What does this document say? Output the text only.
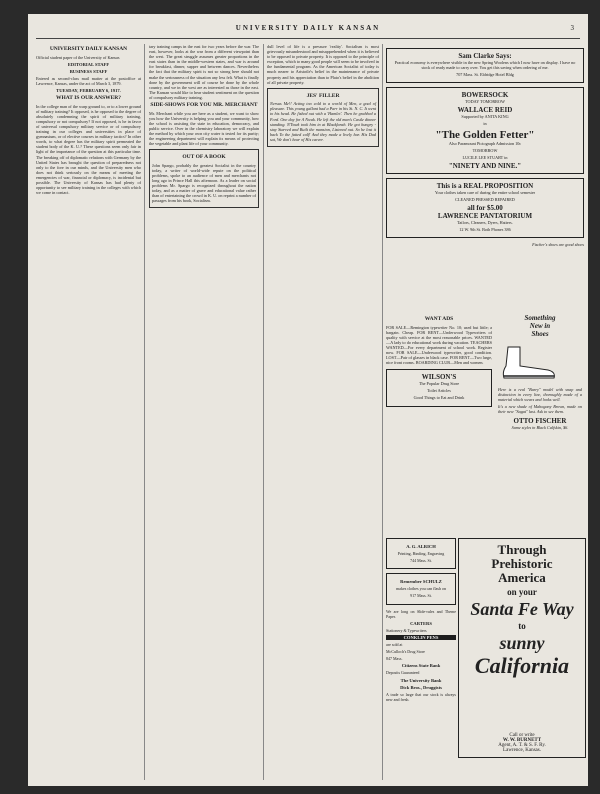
UNIVERSITY DAILY KANSAN	3
UNIVERSITY DAILY KANSAN

Official student paper of the University of Kansas

EDITORIAL STAFF
BUSINESS STAFF

Entered as second-class mail matter at the postoffice at Lawrence, Kansas, under the act of March 3, 1879.

TUESDAY, FEBRUARY 6, 1917.
WHAT IS OUR ANSWER?

In the college man of the warp ground to, or to a lower ground of military training? It opposed, is he opposed to the degree of absolutely condemning the spirit of military training, compulsory or not compulsory? If not opposed, is he in favor of universal compulsory military service or of compulsory training in our colleges and universities in place of gymnasium, or of elective courses in military tactics? In other words, to what degree has the military spirit permeated the student body of the K. U.? These questions seem only fair in light of the importance of the question at this particular time. The breaking off of diplomatic relations with Germany by the United States has brought the question of preparedness not only to the fore in our minds, and the University men who does not think seriously on the means of meeting the emergencies of war, financial or diplomacy, is incidental but possible. The University of Kansas has had plenty of opportunity to see military training in the colleges with which we come in contact.

tary training camps in the east for two years before the war. The east, however, looks at the war from a different viewpoint than the west. The great struggle assumes greater proportions in the east states than in the middle-western states, and war is around for breakfast, dinner, supper and between dances. Nevertheless the fact that the military spirit is not so strong here should not make the seriousness of the situation any less felt. What is finally done by the government will of course be done by the whole country, and we in the west are as interested as those in the east. The Kansan would like to hear student sentiment on the question of compulsory military training.

SIDE-SHOWS FOR YOU MR. MERCHANT

Mr. Merchant while you are here as a student, we want to show you how the University is helping you and your community, how the school is assisting the state in education, democracy, and public service. Over in the chemistry laboratory we will explain the method by which your own city water is tested for its purity; the engineering department will explain its means of protecting the vegetable and plant life of your community.

OUT OF A BOOK

John Spargo, probably the greatest Socialist in the country today, a writer of world-wide repute on the political problems, spoke to an audience of men and merchants not long ago in Prince Hall this afternoon. As a leader on social problems Mr. Spargo is recognized throughout the nation today, and as a matter of grave and educational value rather than of entertaining the crowd in K. U. on reprint a number of passages from his book, Socialism.

dull level of life is a pressure 'reality'. Socialism is most grievously misunderstood and misapprehended when it is believed to be opposed to private property. It is opposed to the principle of exception, which to many good people will seem to be involved in the fundamental program. As the American Socialist of today is much nearer to Aristotle's belief in the maintenance of private property and his appreciation than to Plato's belief in the abolition of all private property.

JES' FILLER

Nersus Me!! Acting too cold to a world of Men, a goal of pleasure. This young gallant had a Parr in his St. N. C. It went to his head. He fished out with a 'Hamlet'. Then he grabbed a Ford. One day for A Nwak. He left the old man's Castle dinner standing. N'Yawk took him in at Blackfarah. He got hungry - stay Starved and Built the mansion, Listened out. So he lost it back To the fatted calf! And they made a lively bar. His Dad sat, We don't hear of His career.

Sam Clarke Says:

Practical economy is everywhere visible in the new Spring Woolens which I now have on display. I have no stock of ready made to carry over. You get this saving when ordering of me.

707 Mass. St. Eldridge Hotel Bldg

BOWERSOCK

TODAY TOMORROW

WALLACE REID

Supported by ANITA KING

in

"The Golden Fetter"

Also Paramount Pictograph Admission 10c

TOMORROW

LUCILE LEE STUART in

"NINETY AND NINE."
This is a REAL PROPOSITION

Your clothes taken care of during the entire school semester

CLEANED PRESSED REPAIRED

all for $5.00
LAWRENCE PANTATORIUM

Tailors, Cleaners, Dyers, Hatters.

12 W. 9th St. Both Phones 386

Fischer's shoes are good shoes

WANT ADS

FOR SALE—Remington typewriter No. 10; used but little; a bargain. Cheap. FOR RENT—Underwood Typewriters of quality with service at the most reasonable prices. WANTED—A lady to do educational work during vacation. TEACHERS WANTED—For every department of school work. Register now. FOR SALE—Underwood typewriter, good condition. LOST—Pair of glasses in black case. FOR RENT—Two large, nice front rooms. BOARDING CLUB—Men and women.

WILSON'S

The Popular Drug Store

Toilet Articles

Good Things to Eat and Drink

Something
New in
Shoes

Here is a real "Barry" model with snap and distinction in every line, thoroughly made of a material which wears and looks well.

It's a new shade of Mahogany Brown, made on their new "Sagat" last. Ask to see them.

OTTO FISCHER

Same styles in Black Calfskin, $6.

A. G. ALRICH

Printing, Binding, Engraving

744 Mass. St.

Remember SCHULZ

makes clothes you can flash on

917 Mass. St.

We are long on Slide-rules and Theme Paper.

CARTERS

Stationery & Typewriters

CONKLIN PENS

are sold at

McCulloch's Drug Store

847 Mass.

Citizens State Bank

Deposits Guaranteed

The University Bank
Dick Bros., Druggists

A trade so large that our stock is always new and fresh.

Through
Prehistoric
America
on your
Santa Fe Way
to
sunny
California
Call or write
W. W. BURNETT
Agent, A. T. & S. F. Ry.
Lawrence, Kansas.
